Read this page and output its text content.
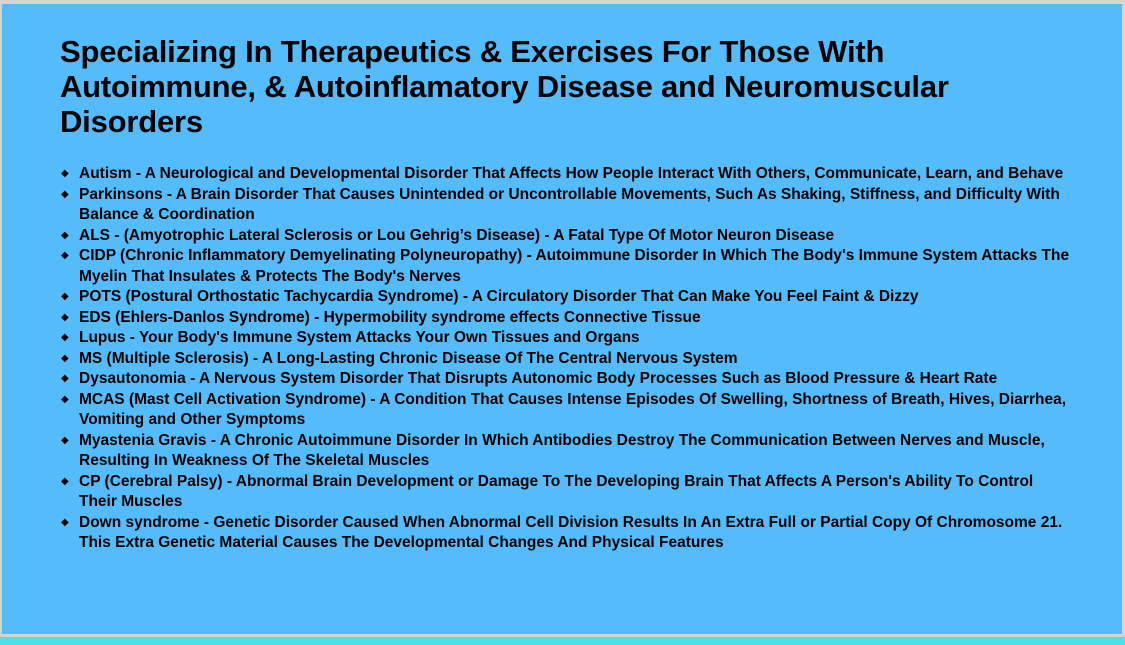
Specializing In Therapeutics & Exercises For Those With Autoimmune, & Autoinflamatory Disease and Neuromuscular Disorders
◆ Autism - A Neurological and Developmental Disorder That Affects How People Interact With Others, Communicate, Learn, and Behave
◆ Parkinsons - A Brain Disorder That Causes Unintended or Uncontrollable Movements, Such As Shaking, Stiffness, and Difficulty With Balance & Coordination
◆ ALS - (Amyotrophic Lateral Sclerosis or Lou Gehrig’s Disease) - A Fatal Type Of Motor Neuron Disease
◆ CIDP (Chronic Inflammatory Demyelinating Polyneuropathy) - Autoimmune Disorder In Which The Body's Immune System Attacks The Myelin That Insulates & Protects The Body's Nerves
◆ POTS (Postural Orthostatic Tachycardia Syndrome) - A Circulatory Disorder That Can Make You Feel Faint & Dizzy
◆ EDS (Ehlers-Danlos Syndrome) - Hypermobility syndrome effects Connective Tissue
◆ Lupus - Your Body's Immune System Attacks Your Own Tissues and Organs
◆ MS (Multiple Sclerosis) - A Long-Lasting Chronic Disease Of The Central Nervous System
◆ Dysautonomia - A Nervous System Disorder That Disrupts Autonomic Body Processes Such as Blood Pressure & Heart Rate
◆ MCAS (Mast Cell Activation Syndrome) - A Condition That Causes Intense Episodes Of Swelling, Shortness of Breath, Hives, Diarrhea, Vomiting and Other Symptoms
◆ Myastenia Gravis - A Chronic Autoimmune Disorder In Which Antibodies Destroy The Communication Between Nerves and Muscle, Resulting In Weakness Of The Skeletal Muscles
◆ CP (Cerebral Palsy) - Abnormal Brain Development or Damage To The Developing Brain That Affects A Person's Ability To Control Their Muscles
◆ Down syndrome - Genetic Disorder Caused When Abnormal Cell Division Results In An Extra Full or Partial Copy Of Chromosome 21. This Extra Genetic Material Causes The Developmental Changes And Physical Features
